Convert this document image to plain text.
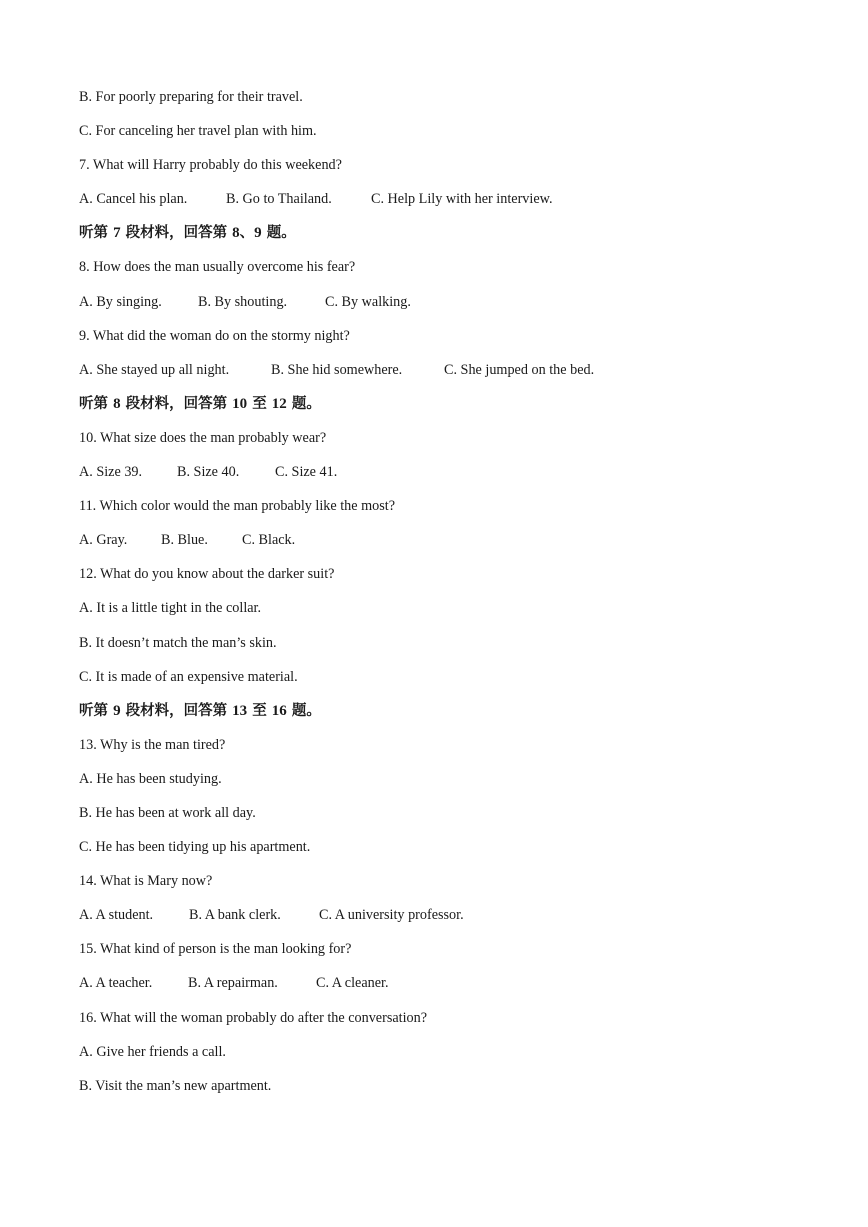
B. For poorly preparing for their travel.
C. For canceling her travel plan with him.
7. What will Harry probably do this weekend?
A. Cancel his plan.	B. Go to Thailand.	C. Help Lily with her interview.
听第 7 段材料，回答第 8、9 题。
8. How does the man usually overcome his fear?
A. By singing.	B. By shouting.	C. By walking.
9. What did the woman do on the stormy night?
A. She stayed up all night.	B. She hid somewhere.	C. She jumped on the bed.
听第 8 段材料，回答第 10 至 12 题。
10. What size does the man probably wear?
A. Size 39. B. Size 40.	C. Size 41.
11. Which color would the man probably like the most?
A. Gray. B. Blue. C. Black.
12. What do you know about the darker suit?
A. It is a little tight in the collar.
B. It doesn’t match the man’s skin.
C. It is made of an expensive material.
听第 9 段材料，回答第 13 至 16 题。
13. Why is the man tired?
A. He has been studying.
B. He has been at work all day.
C. He has been tidying up his apartment.
14. What is Mary now?
A. A student.	B. A bank clerk.	C. A university professor.
15. What kind of person is the man looking for?
A. A teacher.	B. A repairman.	C. A cleaner.
16. What will the woman probably do after the conversation?
A. Give her friends a call.
B. Visit the man’s new apartment.
